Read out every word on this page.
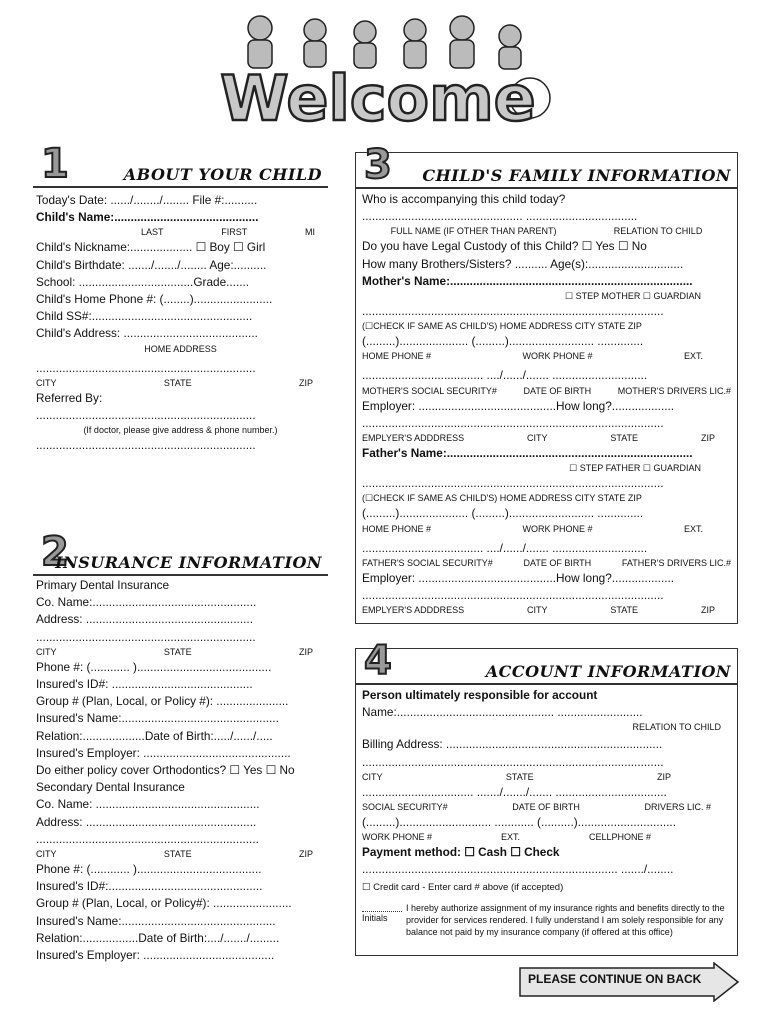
Welcome
1	ABOUT YOUR CHILD
Today's Date: ....../......../........ File #:..........
Child's Name:............................................
LAST	FIRST	MI
Child's Nickname:................... ☐ Boy ☐ Girl
Child's Birthdate: ......./......./........ Age:..........
School: ...................................Grade.......
Child's Home Phone #: (........)........................
Child SS#:.................................................
Child's Address: .........................................
HOME ADDRESS
...................................................................
CITY	STATE	ZIP
Referred By:
...................................................................
(If doctor, please give address & phone number.)
...................................................................
2
INSURANCE INFORMATION
Primary Dental Insurance
Co. Name:..................................................
Address: ...................................................
...................................................................
CITY	STATE	ZIP
Phone #: (............ ).........................................
Insured's ID#: ...........................................
Group # (Plan, Local, or Policy #): ......................
Insured's Name:................................................
Relation:...................Date of Birth:...../....../.....
Insured's Employer: .............................................
Do either policy cover Orthodontics? ☐ Yes ☐ No
Secondary Dental Insurance
Co. Name: ..................................................
Address: ....................................................
....................................................................
CITY	STATE	ZIP
Phone #: (............ )......................................
Insured's ID#:...............................................
Group # (Plan, Local, or Policy#): ........................
Insured's Name:...............................................
Relation:.................Date of Birth:..../......./.........
Insured's Employer: ........................................
3 CHILD'S FAMILY INFORMATION
Who is accompanying this child today?
................................................. ..................................
FULL NAME (IF OTHER THAN PARENT)	RELATION TO CHILD
Do you have Legal Custody of this Child? ☐ Yes ☐ No
How many Brothers/Sisters? .......... Age(s):.............................
Mother's Name:..........................................................................
☐ STEP MOTHER ☐ GUARDIAN
............................................................................................
(☐CHECK IF SAME AS CHILD'S) HOME ADDRESS CITY STATE ZIP
(.........)..................... (.........).......................... ..............
HOME PHONE #	WORK PHONE #	EXT.
..................................... ..../....../....... .............................
MOTHER'S SOCIAL SECURITY#	DATE OF BIRTH	MOTHER'S DRIVERS LIC.#
Employer: ..........................................How long?...................
............................................................................................
EMPLYER'S ADDDRESS	CITY	STATE	ZIP
Father's Name:...........................................................................
☐ STEP FATHER ☐ GUARDIAN
............................................................................................
(☐CHECK IF SAME AS CHILD'S) HOME ADDRESS CITY STATE ZIP
(.........)..................... (.........).......................... ..............
HOME PHONE #	WORK PHONE #	EXT.
..................................... ..../....../....... .............................
FATHER'S SOCIAL SECURITY#	DATE OF BIRTH	FATHER'S DRIVERS LIC.#
Employer: ..........................................How long?...................
............................................................................................
EMPLYER'S ADDDRESS	CITY	STATE	ZIP
4	ACCOUNT INFORMATION
Person ultimately responsible for account
Name:................................................ ..........................
RELATION TO CHILD
Billing Address: ..................................................................
............................................................................................
CITY	STATE	ZIP
.................................. ......./......./....... ..................................
SOCIAL SECURITY#	DATE OF BIRTH	DRIVERS LIC. #
(.........)............................ ............ (..........)..............................
WORK PHONE #	EXT.	CELLPHONE #
Payment method: ☐ Cash ☐ Check
.............................................................................. ......./........
☐ Credit card - Enter card # above (if accepted)
Initials
I hereby authorize assignment of my insurance rights and benefits directly to the provider for services rendered. I fully understand I am solely responsible for any balance not paid by my insurance company (if offered at this office)
PLEASE CONTINUE ON BACK
